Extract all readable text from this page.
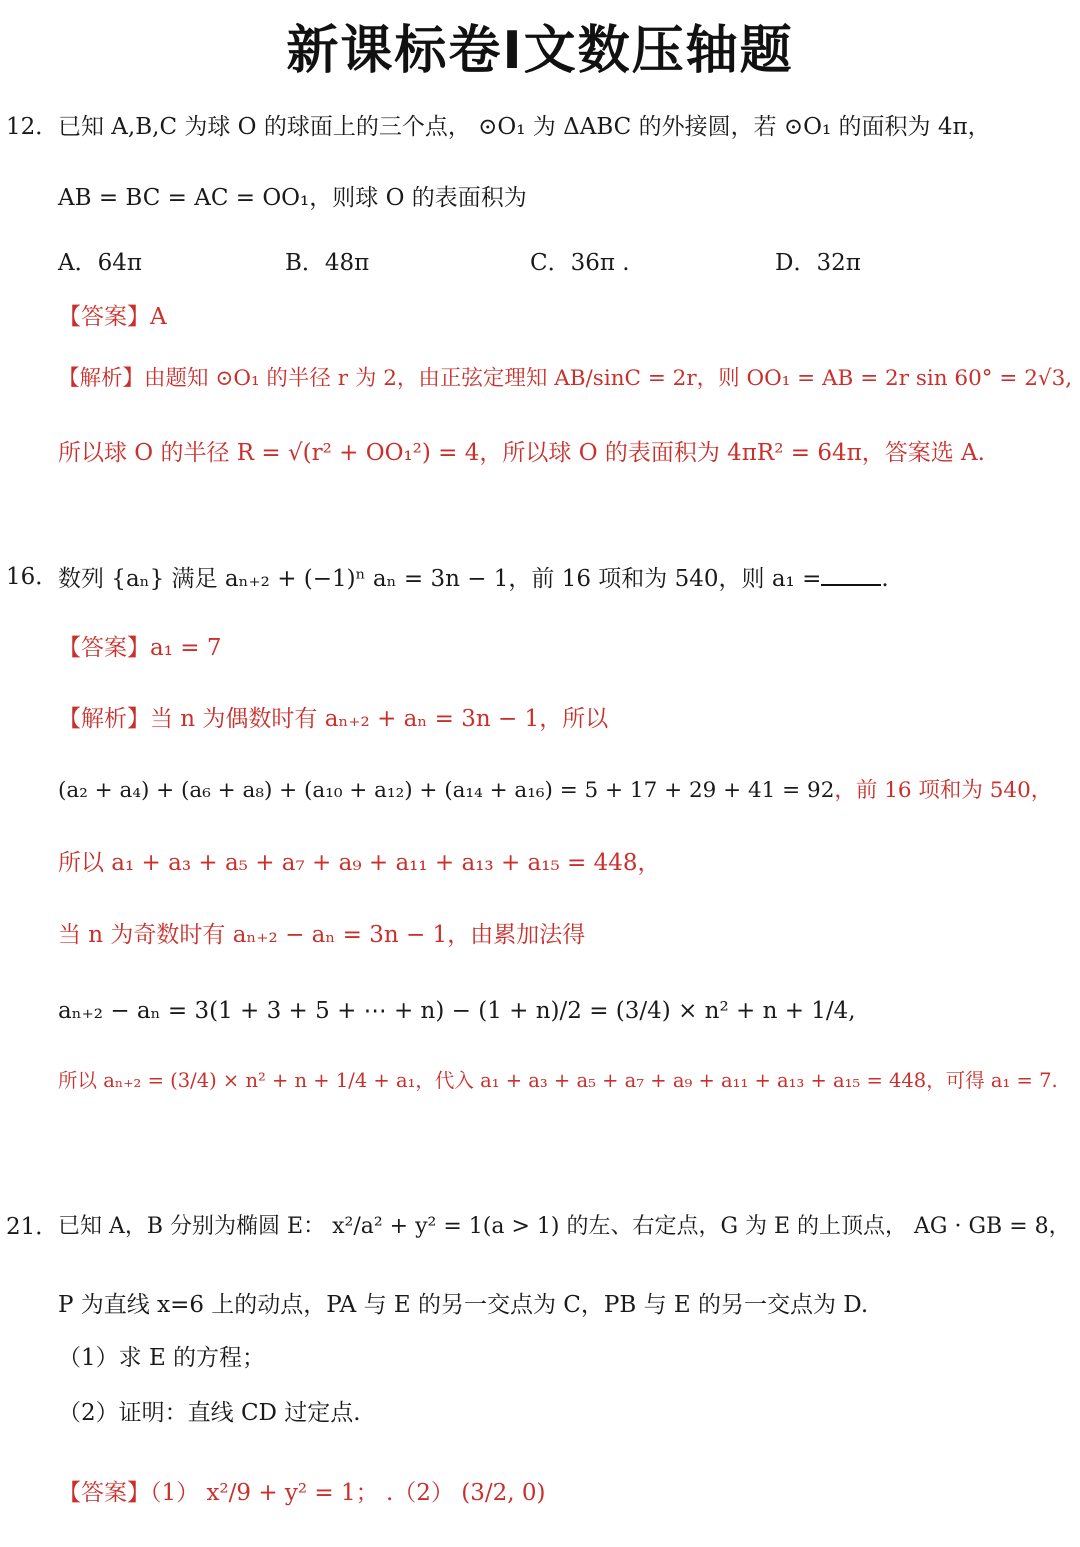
新课标卷Ⅰ文数压轴题
12． 已知 A,B,C 为球 O 的球面上的三个点， ⊙O₁ 为 ΔABC 的外接圆，若 ⊙O₁ 的面积为 4π，
AB = BC = AC = OO₁，则球 O 的表面积为
A．64π	B．48π	C．36π .	D．32π
【答案】A
【解析】由题知 ⊙O₁ 的半径 r 为 2，由正弦定理知 AB/sinC = 2r，则 OO₁ = AB = 2r sin 60° = 2√3,
所以球 O 的半径 R = √(r² + OO₁²) = 4，所以球 O 的表面积为 4πR² = 64π，答案选 A.
16． 数列 {aₙ} 满足 aₙ₊₂ + (−1)ⁿ aₙ = 3n − 1，前 16 项和为 540，则 a₁ =	.
【答案】a₁ = 7
【解析】当 n 为偶数时有 aₙ₊₂ + aₙ = 3n − 1，所以
(a₂ + a₄) + (a₆ + a₈) + (a₁₀ + a₁₂) + (a₁₄ + a₁₆) = 5 + 17 + 29 + 41 = 92，前 16 项和为 540，
所以 a₁ + a₃ + a₅ + a₇ + a₉ + a₁₁ + a₁₃ + a₁₅ = 448，
当 n 为奇数时有 aₙ₊₂ − aₙ = 3n − 1，由累加法得
aₙ₊₂ − aₙ = 3(1 + 3 + 5 + ⋯ + n) − (1 + n)/2 = (3/4) × n² + n + 1/4,
所以 aₙ₊₂ = (3/4) × n² + n + 1/4 + a₁，代入 a₁ + a₃ + a₅ + a₇ + a₉ + a₁₁ + a₁₃ + a₁₅ = 448，可得 a₁ = 7.
21． 已知 A，B 分别为椭圆 E： x²/a² + y² = 1(a > 1) 的左、右定点，G 为 E 的上顶点， AG · GB = 8，
P 为直线 x=6 上的动点，PA 与 E 的另一交点为 C，PB 与 E 的另一交点为 D.
（1）求 E 的方程；
（2）证明：直线 CD 过定点.
【答案】（1） x²/9 + y² = 1； .（2） (3/2, 0)
